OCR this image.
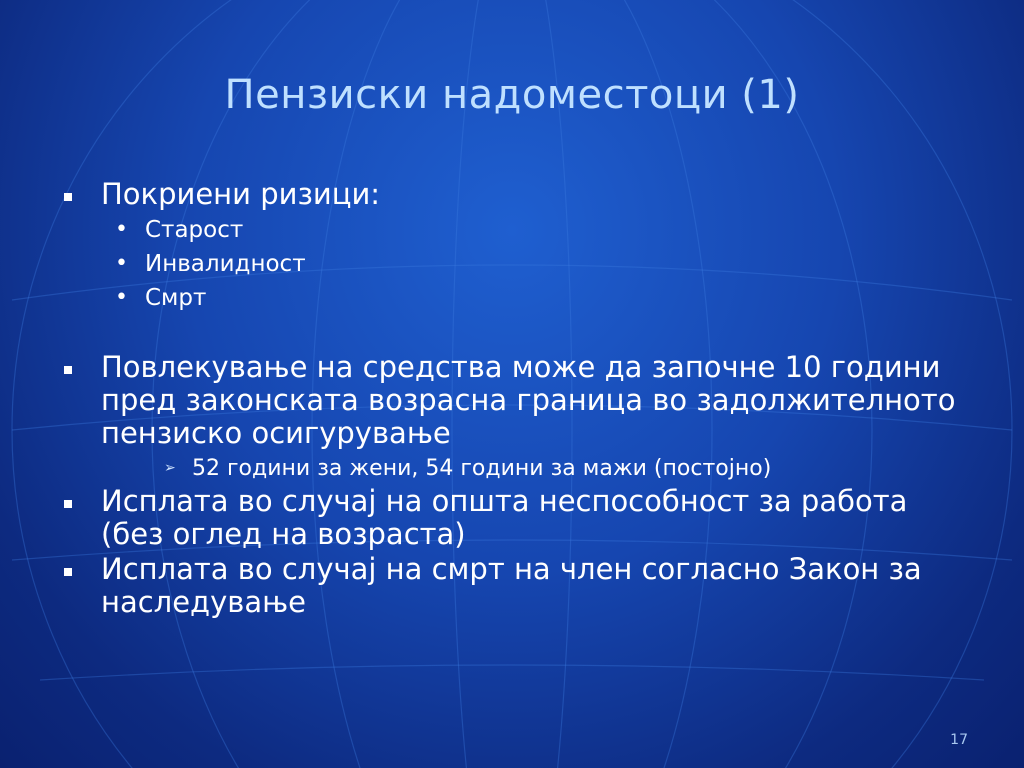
Пензиски надоместоци (1)
Покриени ризици:
• Старост
• Инвалидност
• Смрт
Повлекување на средства може да започне 10 години пред законската возрасна граница во задолжителното пензиско осигурување
➢ 52 години за жени, 54 години за мажи (постојно)
Исплата во случај на општа неспособност за работа (без оглед на возраста)
Исплата во случај на смрт на член согласно Закон за наследување
17
